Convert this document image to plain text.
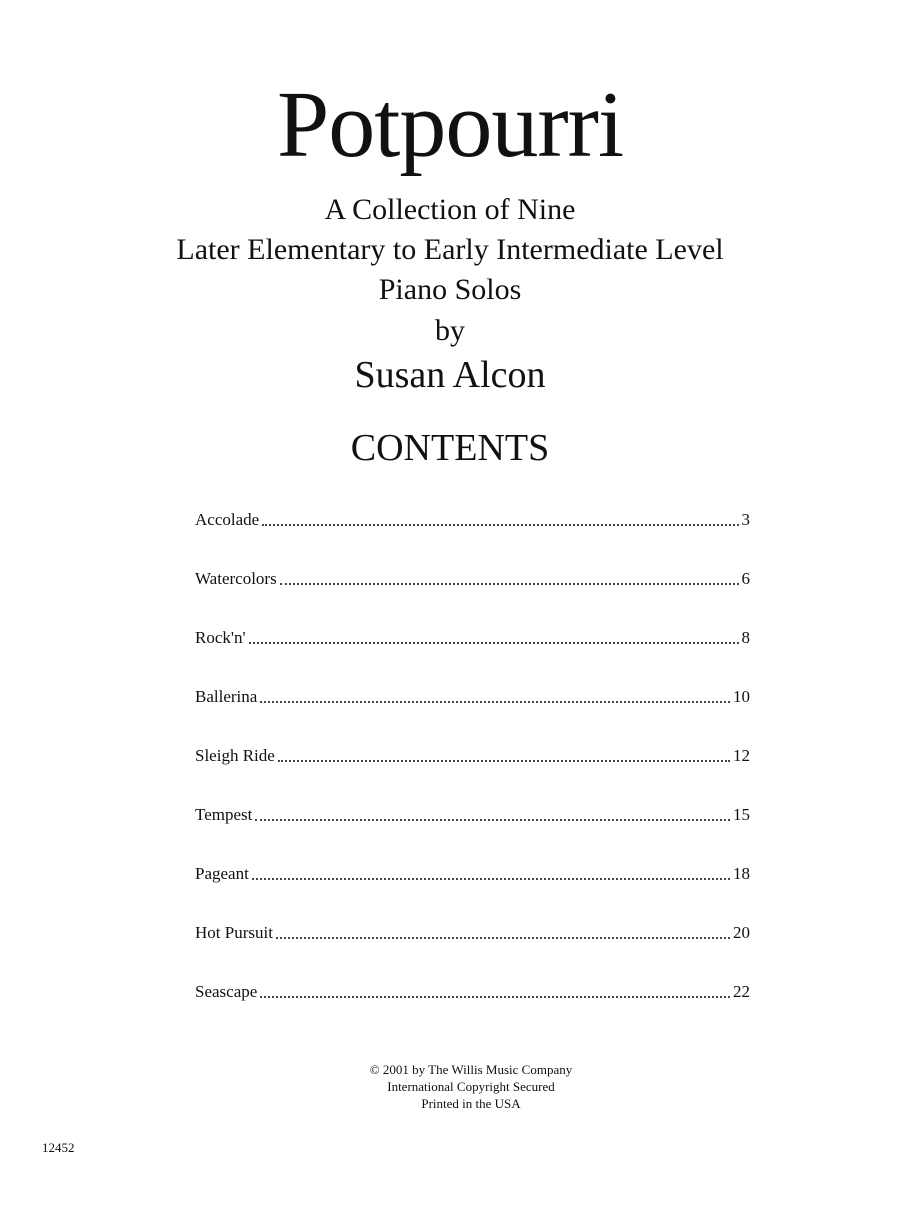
Potpourri
A Collection of Nine
Later Elementary to Early Intermediate Level
Piano Solos
by
Susan Alcon
CONTENTS
Accolade	3
Watercolors	6
Rock'n'	8
Ballerina	10
Sleigh Ride	12
Tempest	15
Pageant	18
Hot Pursuit	20
Seascape	22
© 2001 by The Willis Music Company
International Copyright Secured
Printed in the USA
12452
